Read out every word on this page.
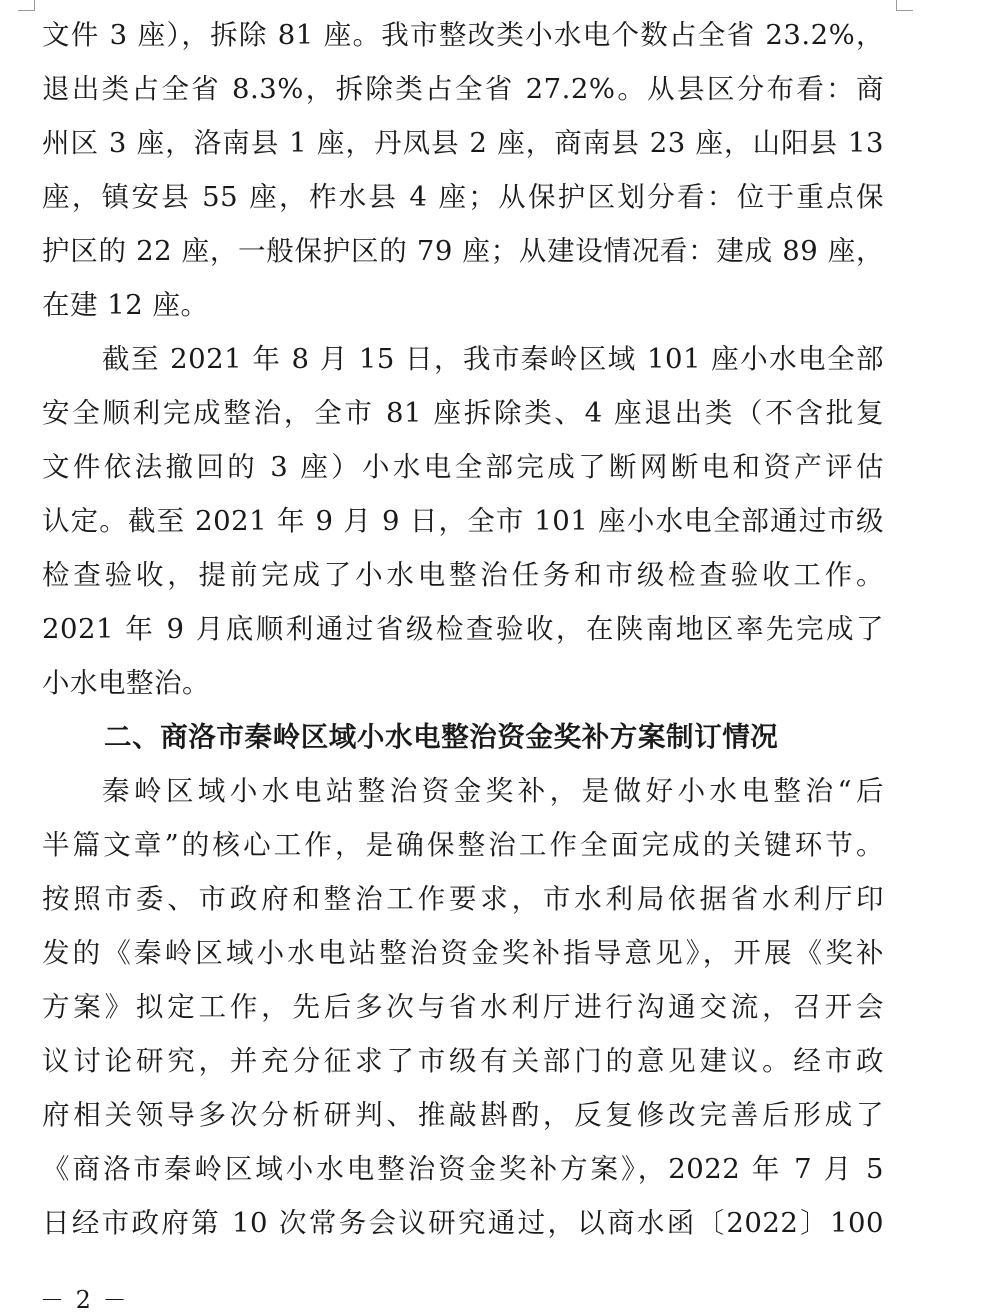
文件 3 座），拆除 81 座。我市整改类小水电个数占全省 23.2%，
退出类占全省 8.3%，拆除类占全省 27.2%。从县区分布看：商
州区 3 座，洛南县 1 座，丹凤县 2 座，商南县 23 座，山阳县 13
座，镇安县 55 座，柞水县 4 座；从保护区划分看：位于重点保
护区的 22 座，一般保护区的 79 座；从建设情况看：建成 89 座，
在建 12 座。
截至 2021 年 8 月 15 日，我市秦岭区域 101 座小水电全部
安全顺利完成整治，全市 81 座拆除类、4 座退出类（不含批复
文件依法撤回的 3 座）小水电全部完成了断网断电和资产评估
认定。截至 2021 年 9 月 9 日，全市 101 座小水电全部通过市级
检查验收，提前完成了小水电整治任务和市级检查验收工作。
2021 年 9 月底顺利通过省级检查验收，在陕南地区率先完成了
小水电整治。
二、商洛市秦岭区域小水电整治资金奖补方案制订情况
秦岭区域小水电站整治资金奖补，是做好小水电整治“后
半篇文章”的核心工作，是确保整治工作全面完成的关键环节。
按照市委、市政府和整治工作要求，市水利局依据省水利厅印
发的《秦岭区域小水电站整治资金奖补指导意见》，开展《奖补
方案》拟定工作，先后多次与省水利厅进行沟通交流，召开会
议讨论研究，并充分征求了市级有关部门的意见建议。经市政
府相关领导多次分析研判、推敲斟酌，反复修改完善后形成了
《商洛市秦岭区域小水电整治资金奖补方案》，2022 年 7 月 5
日经市政府第 10 次常务会议研究通过，以商水函〔2022〕100
－ 2 －
